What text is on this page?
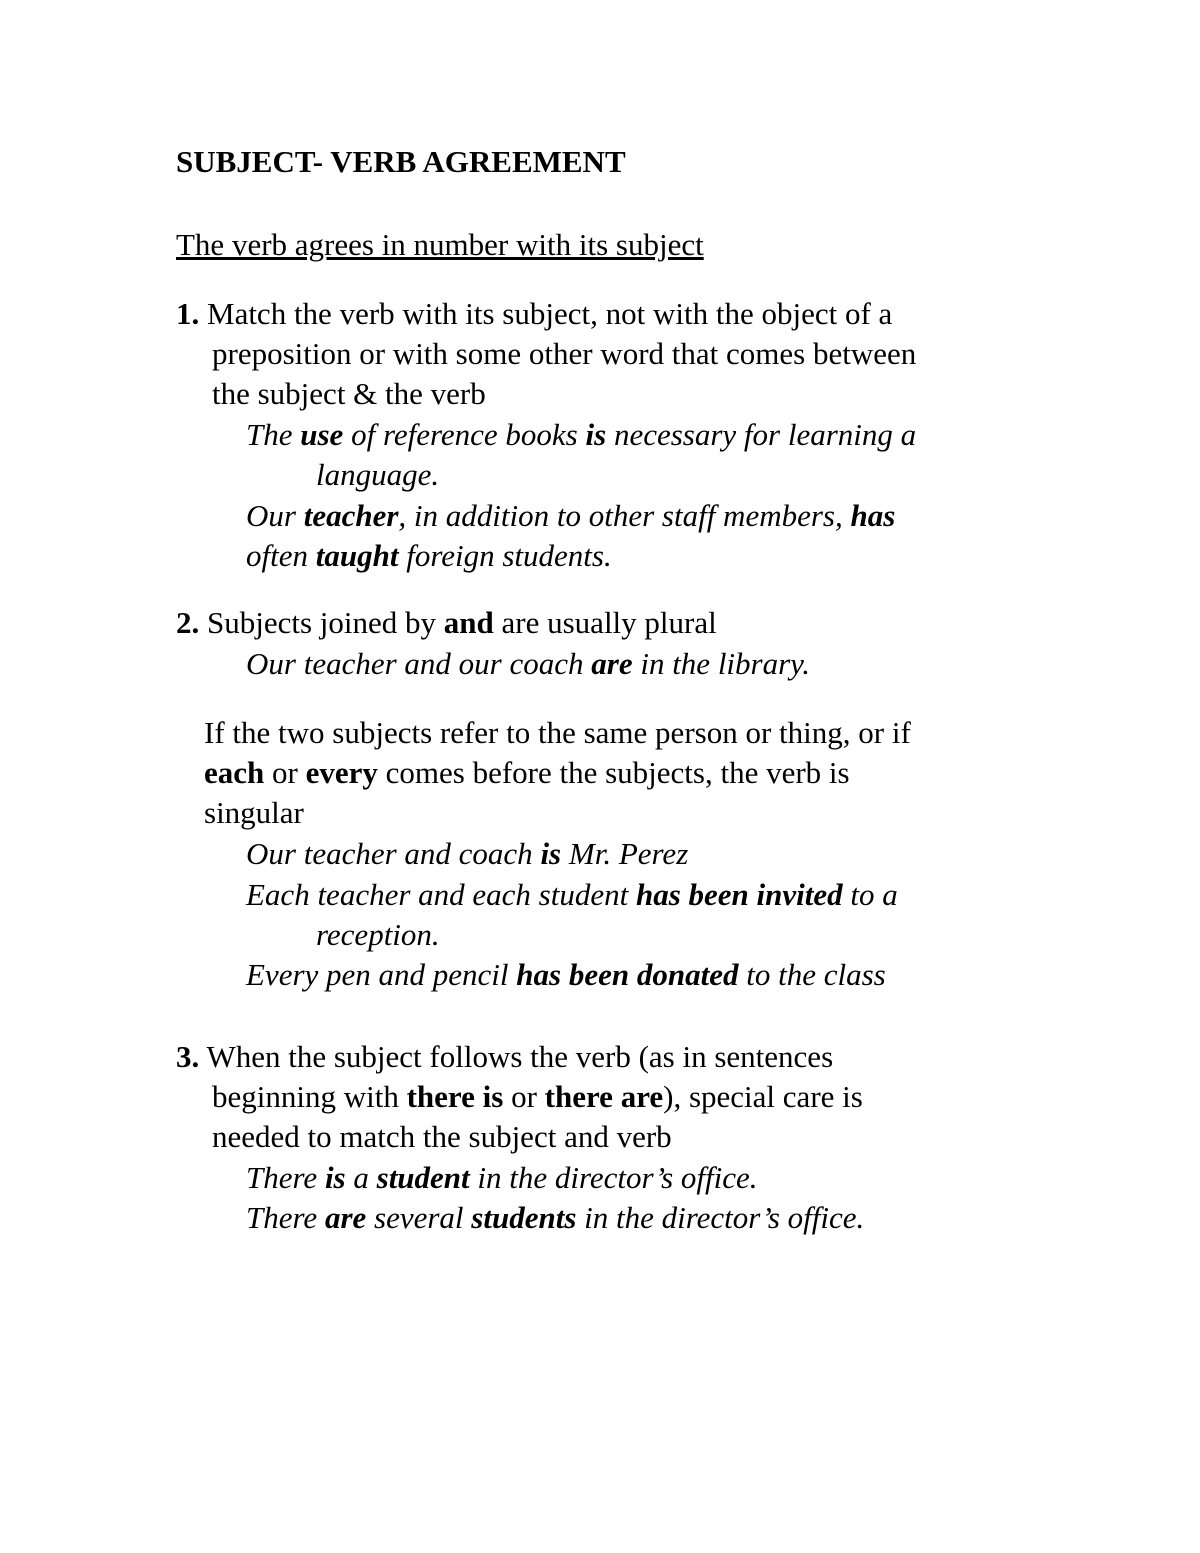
SUBJECT- VERB AGREEMENT
The verb agrees in number with its subject
1. Match the verb with its subject, not with the object of a
preposition or with some other word that comes between
the subject & the verb
The use of reference books is necessary for learning a
language.
Our teacher, in addition to other staff members, has
often taught foreign students.
2. Subjects joined by and are usually plural
Our teacher and our coach are in the library.
If the two subjects refer to the same person or thing, or if
each or every comes before the subjects, the verb is
singular
Our teacher and coach is Mr. Perez
Each teacher and each student has been invited to a
reception.
Every pen and pencil has been donated to the class
3. When the subject follows the verb (as in sentences
beginning with there is or there are), special care is
needed to match the subject and verb
There is a student in the director’s office.
There are several students in the director’s office.
